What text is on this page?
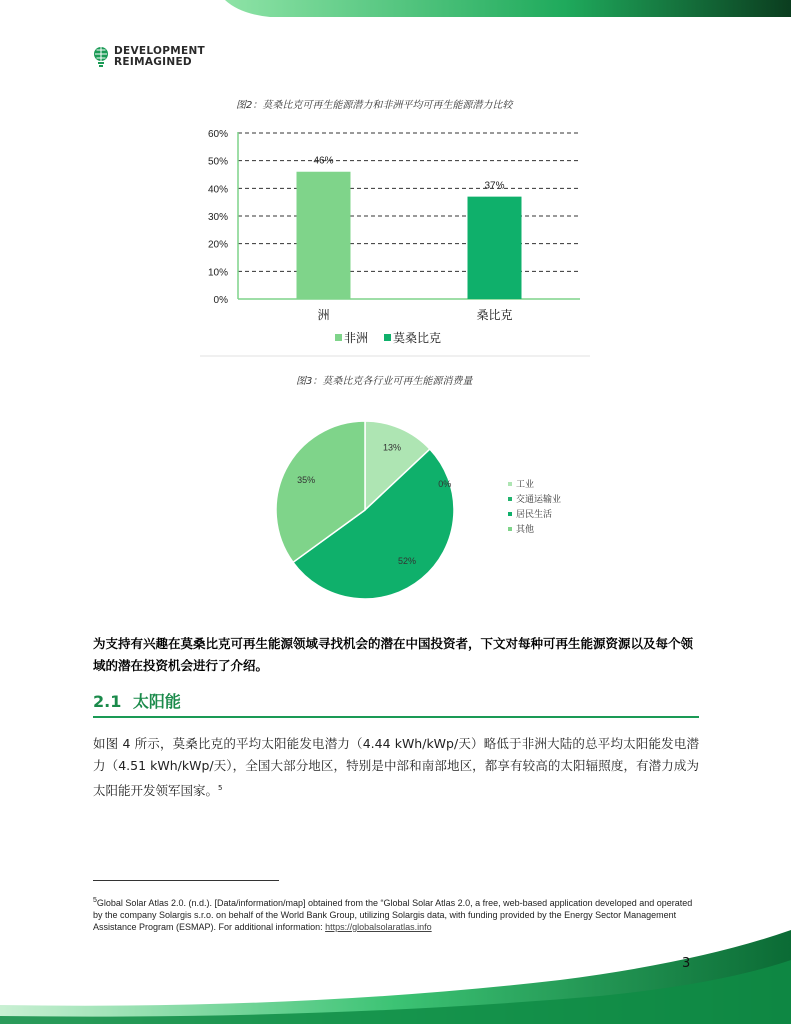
DEVELOPMENT
REIMAGINED
图2：莫桑比克可再生能源潜力和非洲平均可再生能源潜力比较
0%
10%
20%
30%
40%
50%
60%
46%
37%
洲	桑比克
非洲 莫桑比克
图3：莫桑比克各行业可再生能源消费量
13%
0%
52%
35%	工业
交通运输业
居民生活
其他
为支持有兴趣在莫桑比克可再生能源领域寻找机会的潜在中国投资者，下文对每种可再生能源资源以及每个领域的潜在投资机会进行了介绍。
2.1 太阳能
如图 4 所示，莫桑比克的平均太阳能发电潜力（4.44 kWh/kWp/天）略低于非洲大陆的总平均太阳能发电潜力（4.51 kWh/kWp/天），全国大部分地区，特别是中部和南部地区，都享有较高的太阳辐照度，有潜力成为太阳能开发领军国家。$^5$
$^5$Global Solar Atlas 2.0. (n.d.). [Data/information/map] obtained from the “Global Solar Atlas 2.0, a free, web-based application developed and operated by the company Solargis s.r.o. on behalf of the World Bank Group, utilizing Solargis data, with funding provided by the Energy Sector Management Assistance Program (ESMAP). For additional information: https://globalsolaratlas.info
3
